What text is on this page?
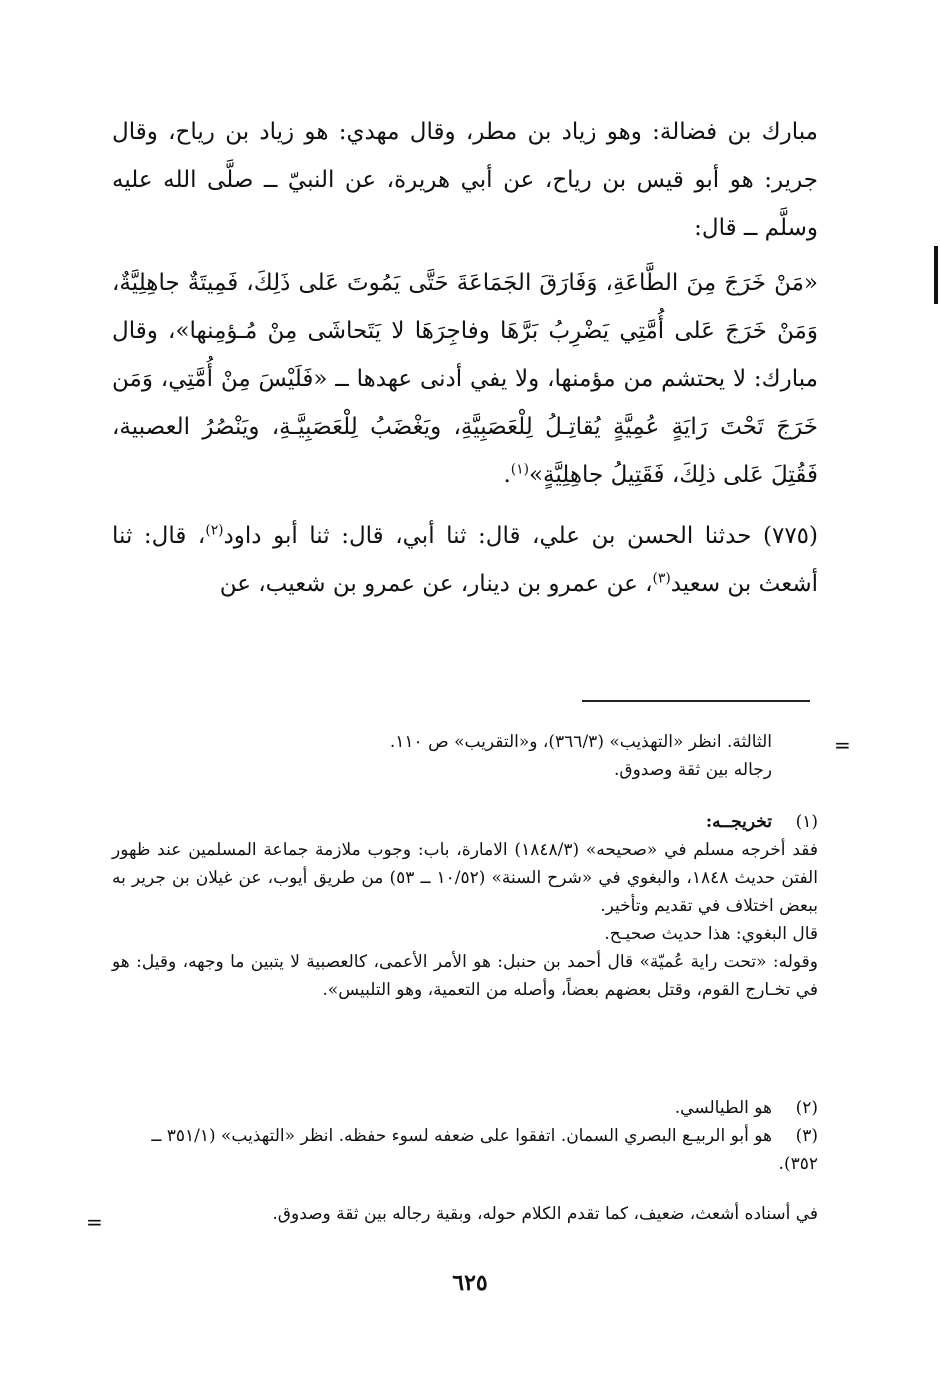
مبارك بن فضالة: وهو زياد بن مطر، وقال مهدي: هو زياد بن رياح، وقال جرير: هو أبو قيس بن رياح، عن أبي هريرة، عن النبيّ ــ صلَّى الله عليه وسلَّم ــ قال:

«مَنْ خَرَجَ مِنَ الطَّاعَةِ، وَفَارَقَ الجَمَاعَةَ حَتَّى يَمُوتَ عَلى ذَلِكَ، فَمِيتَةٌ جاهِلِيَّةٌ، وَمَنْ خَرَجَ عَلى أُمَّتِي يَضْرِبُ بَرَّهَا وفاجِرَهَا لا يَتَحاشَى مِنْ مُـؤمِنها»، وقال مبارك: لا يحتشم من مؤمنها، ولا يفي أدنى عهدها ــ «فَلَيْسَ مِنْ أُمَّتِي، وَمَن خَرَجَ تَحْتَ رَايَةٍ عُمِيَّةٍ يُقاتِـلُ لِلْعَصَبِيَّةِ، ويَغْضَبُ لِلْعَصَبِيَّـةِ، ويَنْصُرُ العصبية، فَقُتِلَ عَلى ذلِكَ، فَقَتِيلُ جاهِلِيَّةٍ»$^{(١)}$.

(٧٧٥) حدثنا الحسن بن علي، قال: ثنا أبي، قال: ثنا أبو داود$^{(٢)}$، قال: ثنا أشعث بن سعيد$^{(٣)}$، عن عمرو بن دينار، عن عمرو بن شعيب، عن

=

الثالثة. انظر «التهذيب» (٣٦٦/٣)، و«التقريب» ص ١١٠.

رجاله بين ثقة وصدوق.

(١)تخريجــه:

فقد أخرجه مسلم في «صحيحه» (١٨٤٨/٣) الامارة، باب: وجوب ملازمة جماعة المسلمين عند ظهور الفتن حديث ١٨٤٨، والبغوي في «شرح السنة» (١٠/٥٢ ــ ٥٣) من طريق أيوب، عن غيلان بن جرير به ببعض اختلاف في تقديم وتأخير.

قال البغوي: هذا حديث صحيـح.

وقوله: «تحت راية عُميّة» قال أحمد بن حنبل: هو الأمر الأعمى، كالعصبية لا يتبين ما وجهه، وقيل: هو في تخـارج القوم، وقتل بعضهم بعضاً، وأصله من التعمية، وهو التلبيس».

(٢)هو الطيالسي.

(٣)هو أبو الربيـع البصري السمان. اتفقوا على ضعفه لسوء حفظه. انظر «التهذيب» (٣٥١/١ ــ ٣٥٢).

في أسناده أشعث، ضعيف، كما تقدم الكلام حوله، وبقية رجاله بين ثقة وصدوق.

=
٦٢٥
